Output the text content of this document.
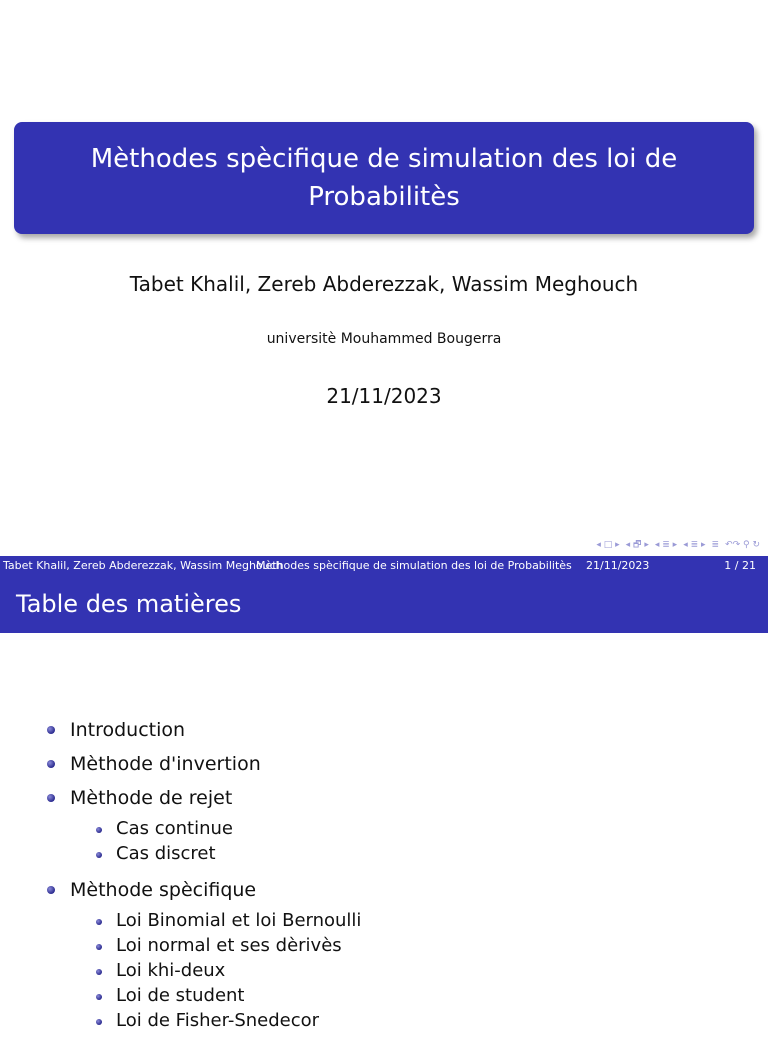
Mèthodes spècifique de simulation des loi de Probabilitès
Tabet Khalil, Zereb Abderezzak, Wassim Meghouch
universitè Mouhammed Bougerra
21/11/2023
◂ □ ▸ ◂ 🗗 ▸ ◂ ≣ ▸ ◂ ≣ ▸ ≣ ↶↷ ⚲ ↻
Tabet Khalil, Zereb Abderezzak, Wassim Meghouch
Mèthodes spècifique de simulation des loi de Probabilitès 21/11/2023	1 / 21
Table des matières
Introduction
Mèthode d'invertion
Mèthode de rejet
Cas continue
Cas discret
Mèthode spècifique
Loi Binomial et loi Bernoulli
Loi normal et ses dèrivès
Loi khi-deux
Loi de student
Loi de Fisher-Snedecor
